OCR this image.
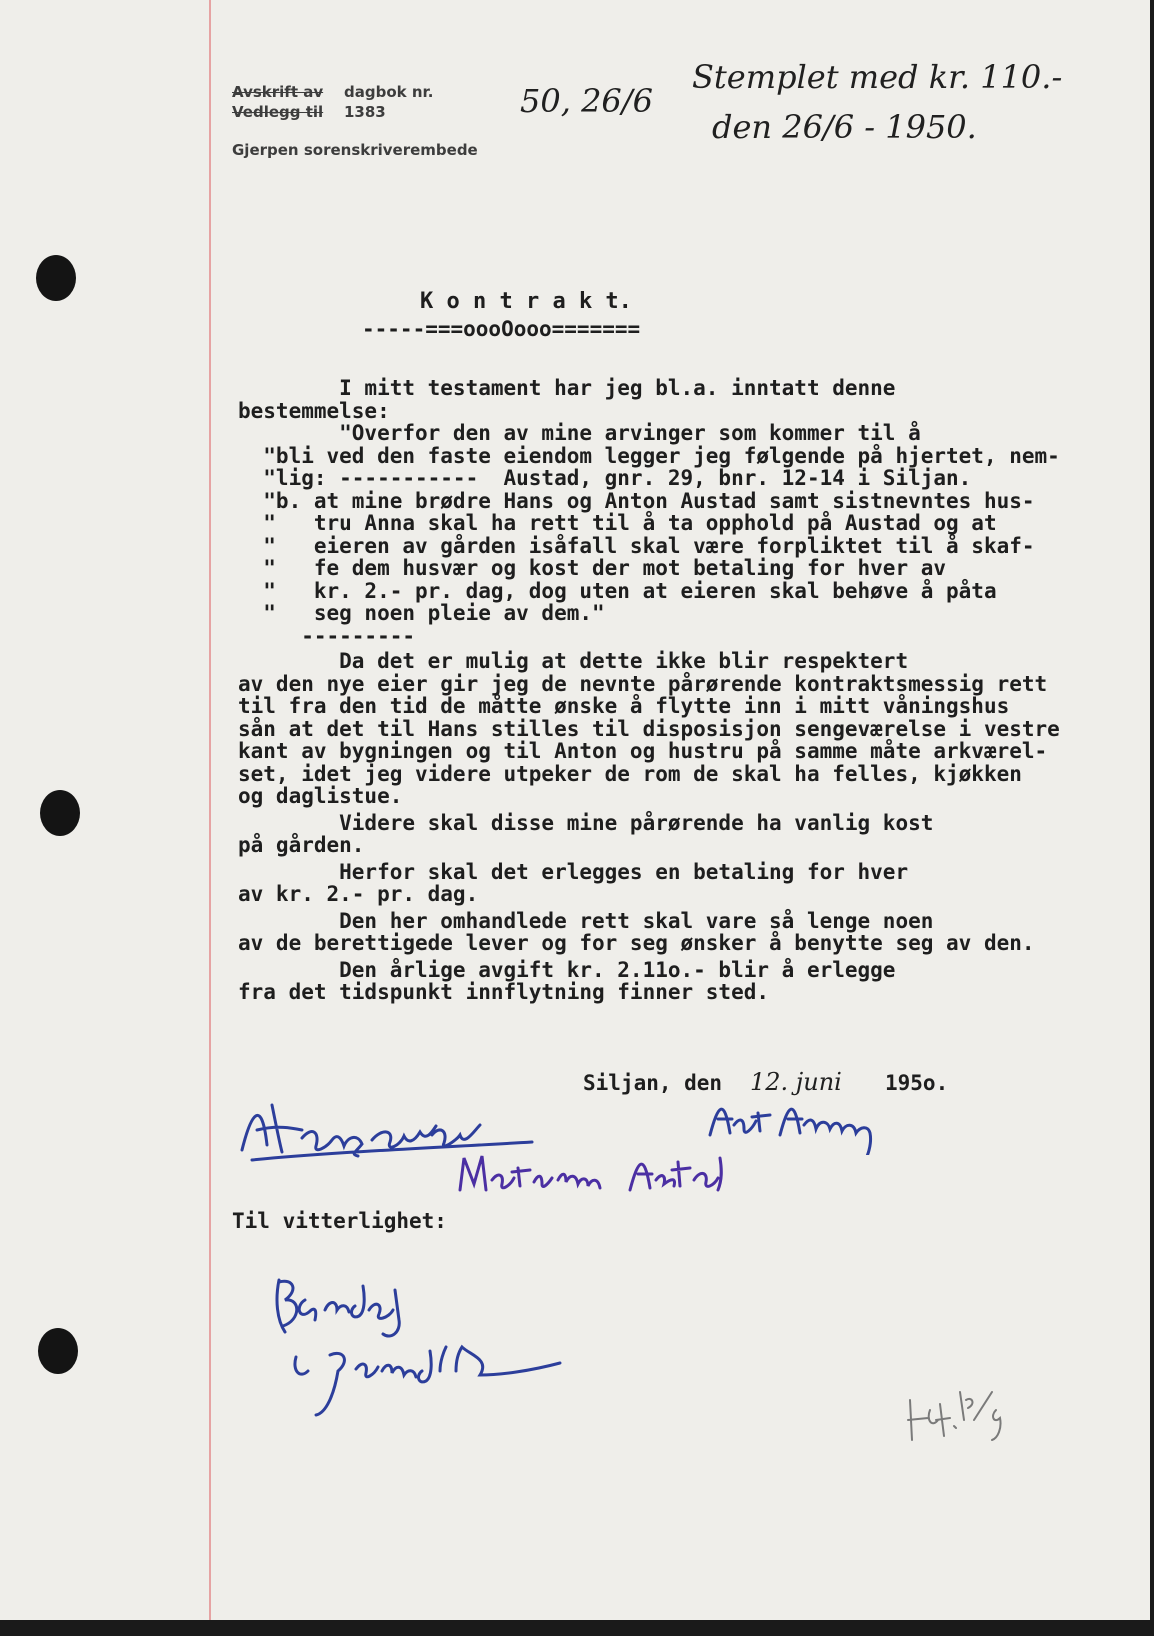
Avskrift av
Vedlegg til
dagbok nr. 1383
Gjerpen sorenskriverembede
50, 26/6
Stemplet med kr. 110.-
den 26/6 - 1950.
K o n t r a k t.
-----===oooOooo=======
I mitt testament har jeg bl.a. inntatt denne
bestemmelse:
"Overfor den av mine arvinger som kommer til å
"bli ved den faste eiendom legger jeg følgende på hjertet, nem-
"lig: -----------  Austad, gnr. 29, bnr. 12-14 i Siljan.
"b. at mine brødre Hans og Anton Austad samt sistnevntes hus-
"   tru Anna skal ha rett til å ta opphold på Austad og at
"   eieren av gården isåfall skal være forpliktet til å skaf-
"   fe dem husvær og kost der mot betaling for hver av
"   kr. 2.- pr. dag, dog uten at eieren skal behøve å påta
"   seg noen pleie av dem."
---------
Da det er mulig at dette ikke blir respektert
av den nye eier gir jeg de nevnte pårørende kontraktsmessig rett
til fra den tid de måtte ønske å flytte inn i mitt våningshus
sån at det til Hans stilles til disposisjon sengeværelse i vestre
kant av bygningen og til Anton og hustru på samme måte arkværel-
set, idet jeg videre utpeker de rom de skal ha felles, kjøkken
og daglistue.
Videre skal disse mine pårørende ha vanlig kost
på gården.
Herfor skal det erlegges en betaling for hver
av kr. 2.- pr. dag.
Den her omhandlede rett skal vare så lenge noen
av de berettigede lever og for seg ønsker å benytte seg av den.
Den årlige avgift kr. 2.11o.- blir å erlegge
fra det tidspunkt innflytning finner sted.
Siljan, den 12. juni 195o.
Til vitterlighet:
